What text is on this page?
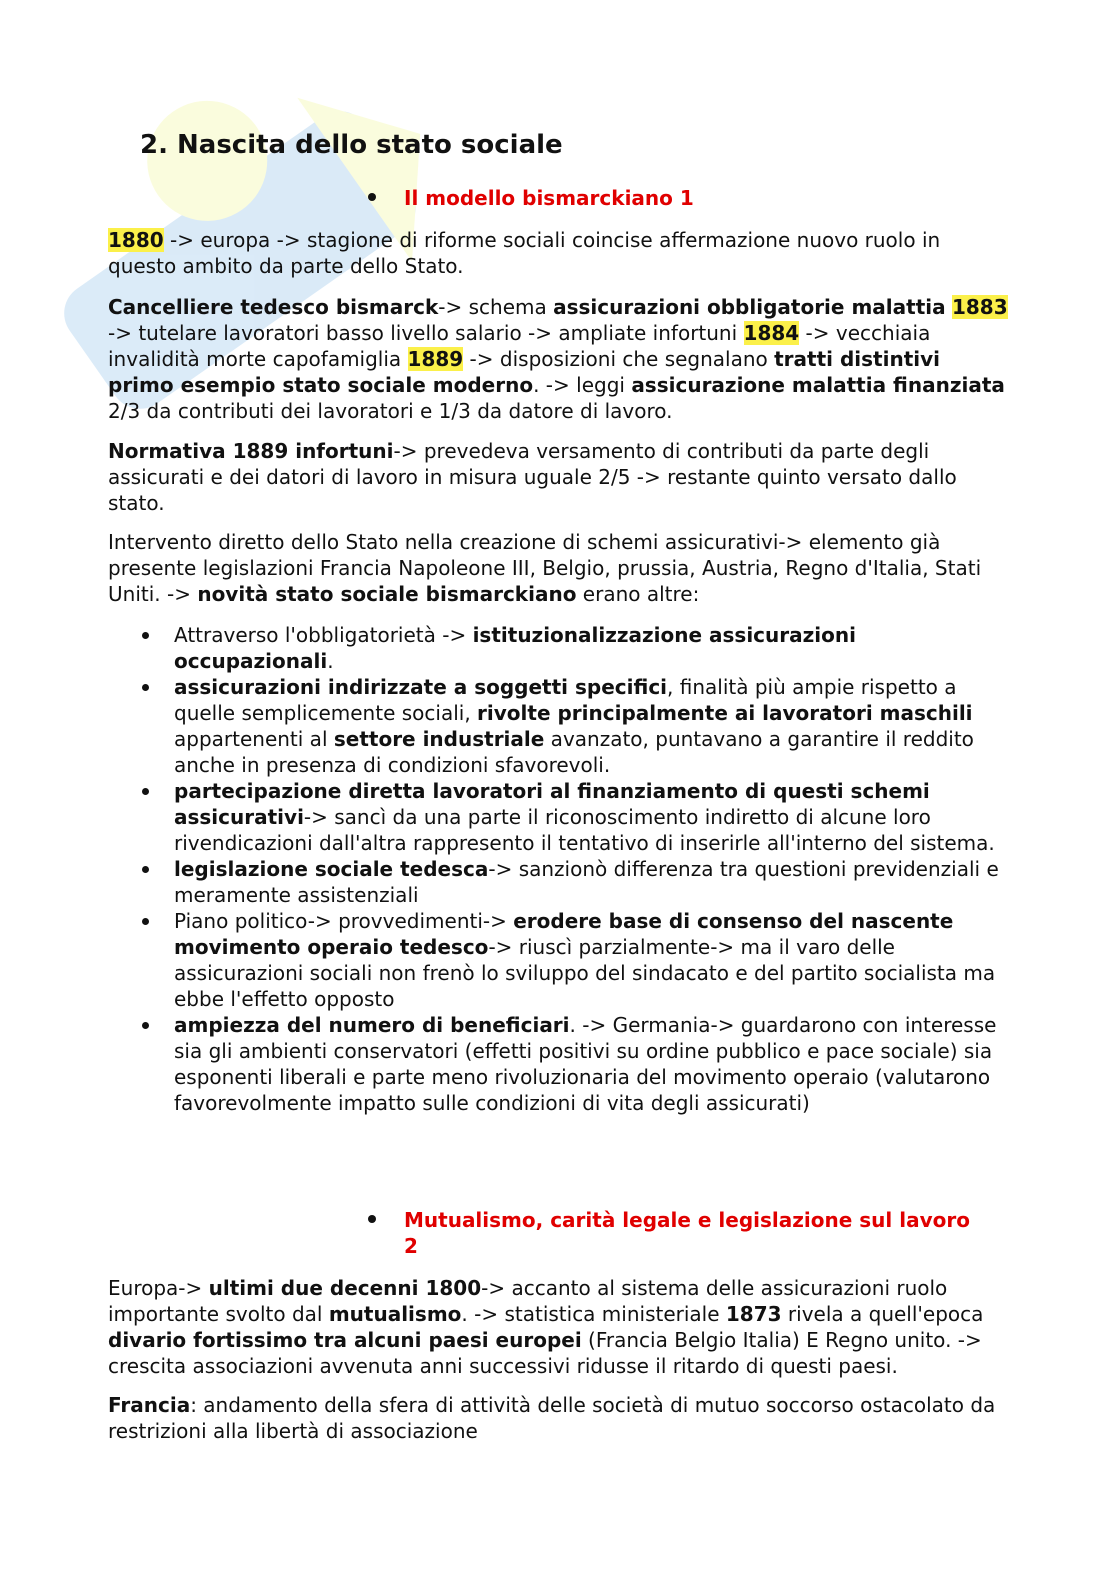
2. Nascita dello stato sociale
Il modello bismarckiano 1

1880 -> europa -> stagione di riforme sociali coincise affermazione nuovo ruolo in questo ambito da parte dello Stato.

Cancelliere tedesco bismarck-> schema assicurazioni obbligatorie malattia 1883 -> tutelare lavoratori basso livello salario -> ampliate infortuni 1884 -> vecchiaia invalidità morte capofamiglia 1889 -> disposizioni che segnalano tratti distintivi primo esempio stato sociale moderno. -> leggi assicurazione malattia finanziata 2/3 da contributi dei lavoratori e 1/3 da datore di lavoro.

Normativa 1889 infortuni-> prevedeva versamento di contributi da parte degli assicurati e dei datori di lavoro in misura uguale 2/5 -> restante quinto versato dallo stato.

Intervento diretto dello Stato nella creazione di schemi assicurativi-> elemento già presente legislazioni Francia Napoleone III, Belgio, prussia, Austria, Regno d'Italia, Stati Uniti. -> novità stato sociale bismarckiano erano altre:

Attraverso l'obbligatorietà -> istituzionalizzazione assicurazioni occupazionali.
assicurazioni indirizzate a soggetti specifici, finalità più ampie rispetto a quelle semplicemente sociali, rivolte principalmente ai lavoratori maschili appartenenti al settore industriale avanzato, puntavano a garantire il reddito anche in presenza di condizioni sfavorevoli.
partecipazione diretta lavoratori al finanziamento di questi schemi assicurativi-> sancì da una parte il riconoscimento indiretto di alcune loro rivendicazioni dall'altra rappresento il tentativo di inserirle all'interno del sistema.
legislazione sociale tedesca-> sanzionò differenza tra questioni previdenziali e meramente assistenziali
Piano politico-> provvedimenti-> erodere base di consenso del nascente movimento operaio tedesco-> riuscì parzialmente-> ma il varo delle assicurazioni sociali non frenò lo sviluppo del sindacato e del partito socialista ma ebbe l'effetto opposto
ampiezza del numero di beneficiari. -> Germania-> guardarono con interesse sia gli ambienti conservatori (effetti positivi su ordine pubblico e pace sociale) sia esponenti liberali e parte meno rivoluzionaria del movimento operaio (valutarono favorevolmente impatto sulle condizioni di vita degli assicurati)
Mutualismo, carità legale e legislazione sul lavoro
2

Europa-> ultimi due decenni 1800-> accanto al sistema delle assicurazioni ruolo importante svolto dal mutualismo. -> statistica ministeriale 1873 rivela a quell'epoca divario fortissimo tra alcuni paesi europei (Francia Belgio Italia) E Regno unito. -> crescita associazioni avvenuta anni successivi ridusse il ritardo di questi paesi.

Francia: andamento della sfera di attività delle società di mutuo soccorso ostacolato da restrizioni alla libertà di associazione
